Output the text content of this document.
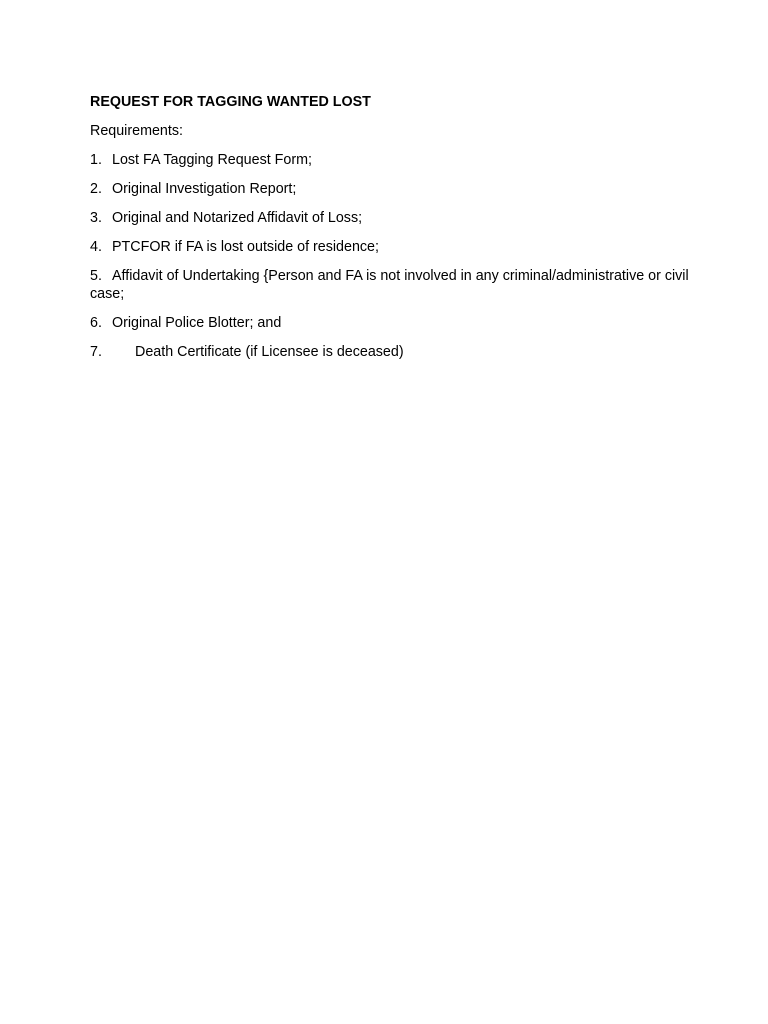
REQUEST FOR TAGGING WANTED LOST
Requirements:
1. Lost FA Tagging Request Form;
2. Original Investigation Report;
3. Original and Notarized Affidavit of Loss;
4. PTCFOR if FA is lost outside of residence;
5. Affidavit of Undertaking {Person and FA is not involved in any criminal/administrative or civil case;
6. Original Police Blotter; and
7. Death Certificate (if Licensee is deceased)
